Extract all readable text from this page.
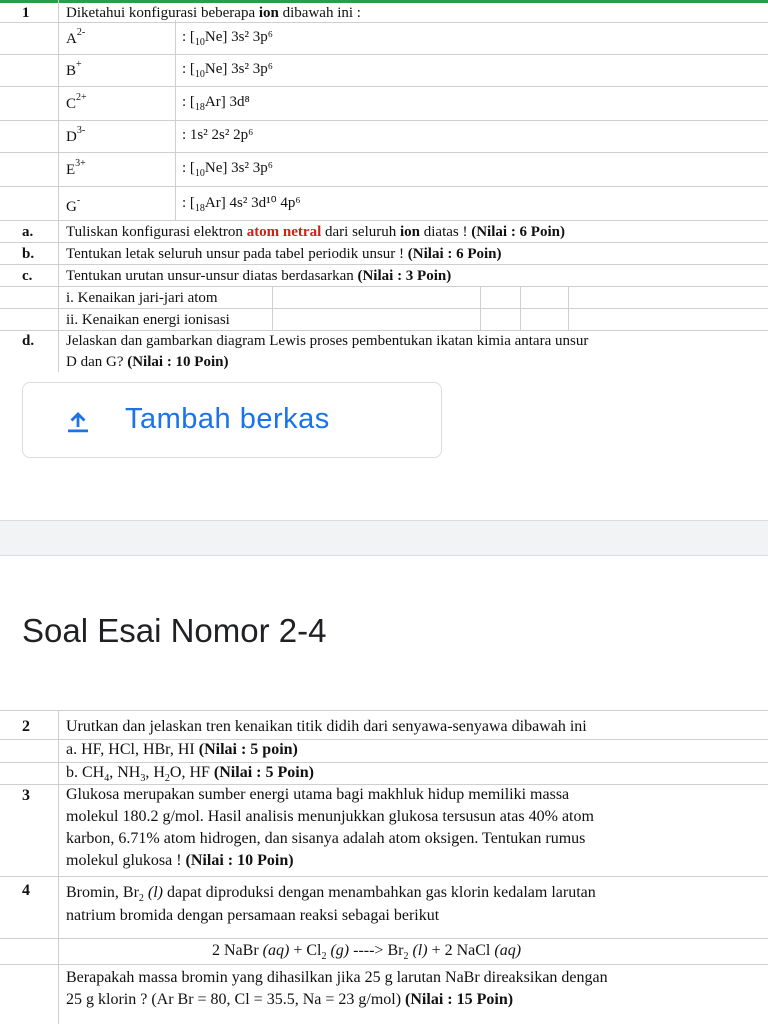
1 Diketahui konfigurasi beberapa ion dibawah ini :
$A^{2-}$	: $[_{10}Ne]$ 3s² 3p⁶
B+	: $[_{10}Ne]$ 3s² 3p⁶
$C^{2+}$	: $[_{18}Ar]$ 3d⁸
$D^{3-}$	: 1s² 2s² 2p⁶
$E^{3+}$	: $[_{10}Ne]$ 3s² 3p⁶
G-	: $[_{18}Ar]$ 4s² 3d¹⁰ 4p⁶
a. Tuliskan konfigurasi elektron atom netral dari seluruh ion diatas ! (Nilai : 6 Poin)
b. Tentukan letak seluruh unsur pada tabel periodik unsur ! (Nilai : 6 Poin)
c. Tentukan urutan unsur-unsur diatas berdasarkan (Nilai : 3 Poin)
i. Kenaikan jari-jari atom
ii. Kenaikan energi ionisasi
d. Jelaskan dan gambarkan diagram Lewis proses pembentukan ikatan kimia antara unsur
D dan G? (Nilai : 10 Poin)
Tambah berkas
Soal Esai Nomor 2-4
2 Urutkan dan jelaskan tren kenaikan titik didih dari senyawa-senyawa dibawah ini
a. HF, HCl, HBr, HI (Nilai : 5 poin)
b. $CH_4$, $NH_3$, $H_2O$, HF (Nilai : 5 Poin)
3 Glukosa merupakan sumber energi utama bagi makhluk hidup memiliki massa
molekul 180.2 g/mol. Hasil analisis menunjukkan glukosa tersusun atas 40% atom
karbon, 6.71% atom hidrogen, dan sisanya adalah atom oksigen. Tentukan rumus
molekul glukosa ! (Nilai : 10 Poin)
4 Bromin, $Br_2$ (l) dapat diproduksi dengan menambahkan gas klorin kedalam larutan
natrium bromida dengan persamaan reaksi sebagai berikut
2 NaBr $(aq) + Cl_2$ (g) ----> $Br_2$ (l) + 2 NaCl (aq)
Berapakah massa bromin yang dihasilkan jika 25 g larutan NaBr direaksikan dengan
25 g klorin ? (Ar Br = 80, Cl = 35.5, Na = 23 g/mol) (Nilai : 15 Poin)
